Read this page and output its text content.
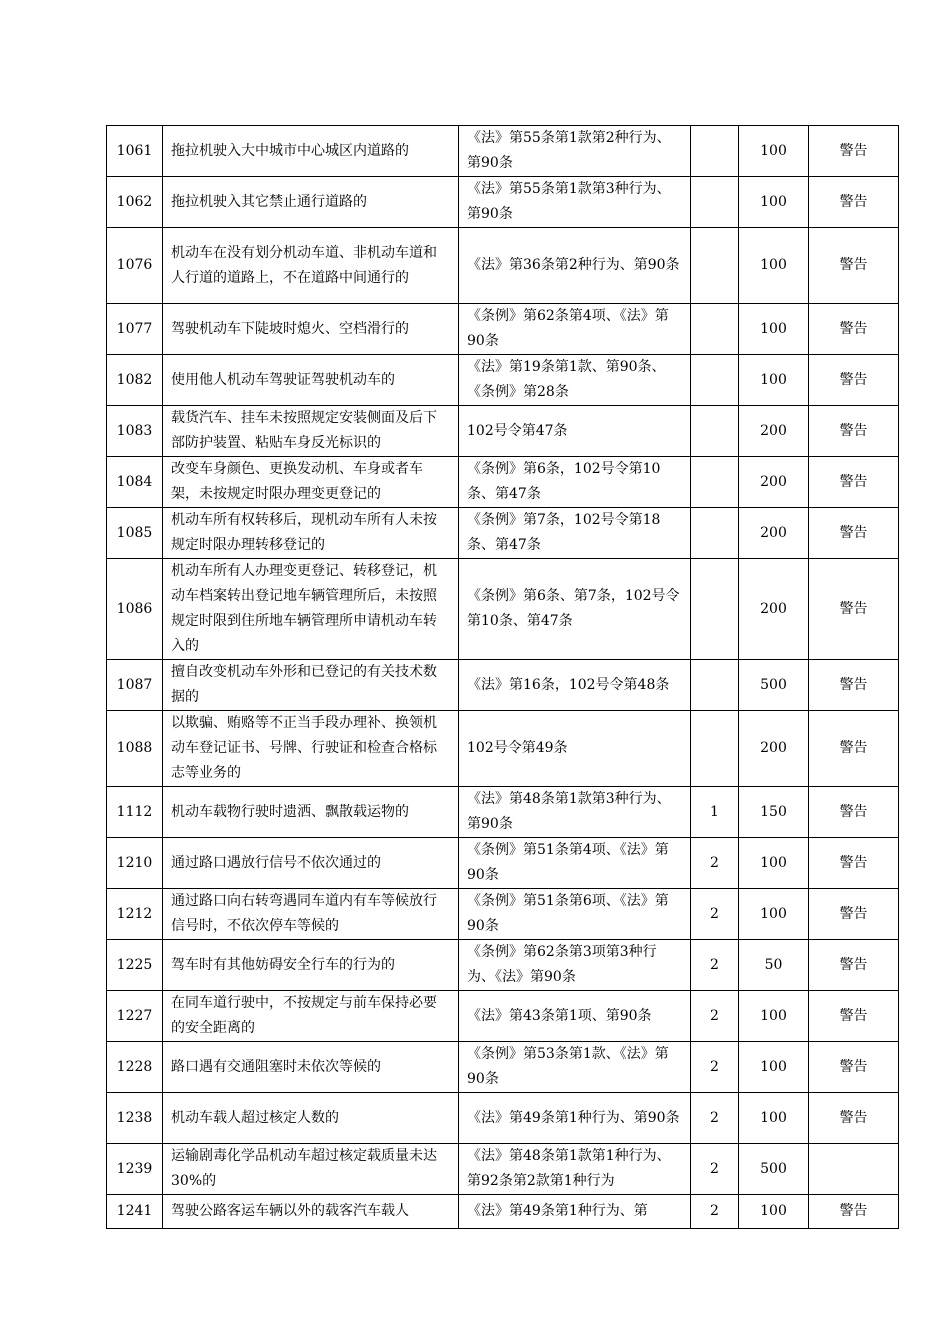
1061	拖拉机驶入大中城市中心城区内道路的	《法》第55条第1款第2种行为、第90条		100	警告
1062	拖拉机驶入其它禁止通行道路的	《法》第55条第1款第3种行为、第90条		100	警告
1076	机动车在没有划分机动车道、非机动车道和人行道的道路上，不在道路中间通行的	《法》第36条第2种行为、第90条		100	警告
1077	驾驶机动车下陡坡时熄火、空档滑行的	《条例》第62条第4项、《法》第90条		100	警告
1082	使用他人机动车驾驶证驾驶机动车的	《法》第19条第1款、第90条、《条例》第28条		100	警告
1083	载货汽车、挂车未按照规定安装侧面及后下部防护装置、粘贴车身反光标识的	102号令第47条		200	警告
1084	改变车身颜色、更换发动机、车身或者车架，未按规定时限办理变更登记的	《条例》第6条，102号令第10条、第47条		200	警告
1085	机动车所有权转移后，现机动车所有人未按规定时限办理转移登记的	《条例》第7条，102号令第18条、第47条		200	警告
1086	机动车所有人办理变更登记、转移登记，机动车档案转出登记地车辆管理所后，未按照规定时限到住所地车辆管理所申请机动车转入的	《条例》第6条、第7条，102号令第10条、第47条		200	警告
1087	擅自改变机动车外形和已登记的有关技术数据的	《法》第16条，102号令第48条		500	警告
1088	以欺骗、贿赂等不正当手段办理补、换领机动车登记证书、号牌、行驶证和检查合格标志等业务的	102号令第49条		200	警告
1112	机动车载物行驶时遗洒、飘散载运物的	《法》第48条第1款第3种行为、第90条	1	150	警告
1210	通过路口遇放行信号不依次通过的	《条例》第51条第4项、《法》第90条	2	100	警告
1212	通过路口向右转弯遇同车道内有车等候放行信号时，不依次停车等候的	《条例》第51条第6项、《法》第90条	2	100	警告
1225	驾车时有其他妨碍安全行车的行为的	《条例》第62条第3项第3种行为、《法》第90条	2	50	警告
1227	在同车道行驶中，不按规定与前车保持必要的安全距离的	《法》第43条第1项、第90条	2	100	警告
1228	路口遇有交通阻塞时未依次等候的	《条例》第53条第1款、《法》第90条	2	100	警告
1238	机动车载人超过核定人数的	《法》第49条第1种行为、第90条	2	100	警告
1239	运输剧毒化学品机动车超过核定载质量未达30%的	《法》第48条第1款第1种行为、第92条第2款第1种行为	2	500	
1241	驾驶公路客运车辆以外的载客汽车载人	《法》第49条第1种行为、第	2	100	警告
